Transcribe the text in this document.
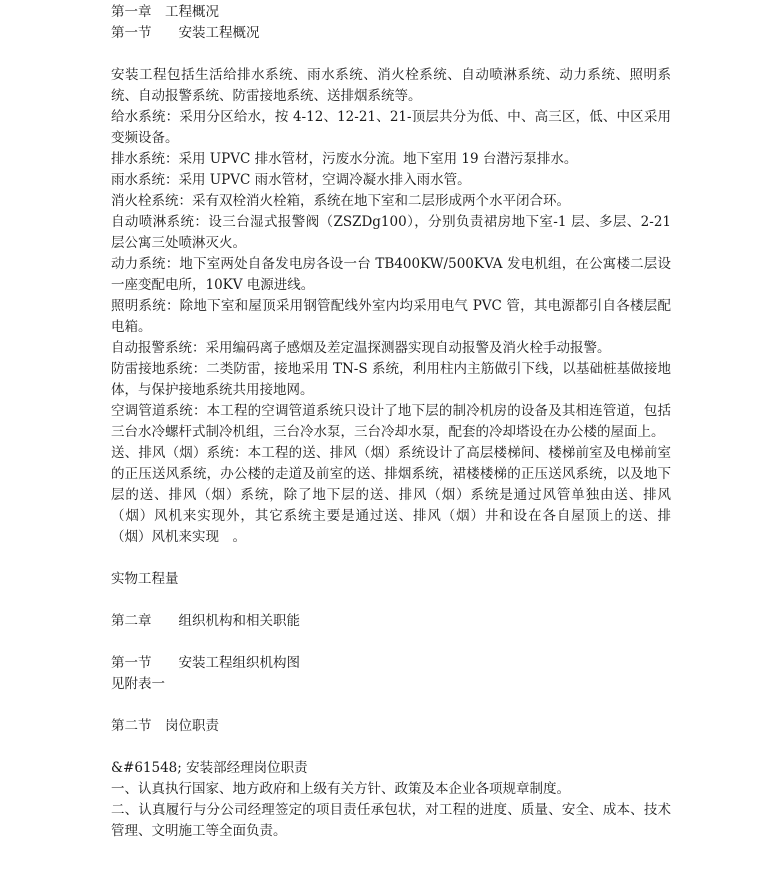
第一章　工程概况

第一节　　安装工程概况

安装工程包括生活给排水系统、雨水系统、消火栓系统、自动喷淋系统、动力系统、照明系统、自动报警系统、防雷接地系统、送排烟系统等。

给水系统：采用分区给水，按 4-12、12-21、21-顶层共分为低、中、高三区，低、中区采用变频设备。

排水系统：采用 UPVC 排水管材，污废水分流。地下室用 19 台潜污泵排水。

雨水系统：采用 UPVC 雨水管材，空调冷凝水排入雨水管。

消火栓系统：采有双栓消火栓箱，系统在地下室和二层形成两个水平闭合环。

自动喷淋系统：设三台湿式报警阀（ZSZDg100），分别负责裙房地下室-1 层、多层、2-21 层公寓三处喷淋灭火。

动力系统：地下室两处自备发电房各设一台 TB400KW/500KVA 发电机组，在公寓楼二层设一座变配电所，10KV 电源进线。

照明系统：除地下室和屋顶采用钢管配线外室内均采用电气 PVC 管，其电源都引自各楼层配电箱。

自动报警系统：采用编码离子感烟及差定温探测器实现自动报警及消火栓手动报警。

防雷接地系统：二类防雷，接地采用 TN-S 系统，利用柱内主筋做引下线，以基础桩基做接地体，与保护接地系统共用接地网。

空调管道系统：本工程的空调管道系统只设计了地下层的制冷机房的设备及其相连管道，包括三台水冷螺杆式制冷机组，三台冷水泵，三台冷却水泵，配套的冷却塔设在办公楼的屋面上。

送、排风（烟）系统：本工程的送、排风（烟）系统设计了高层楼梯间、楼梯前室及电梯前室的正压送风系统，办公楼的走道及前室的送、排烟系统，裙楼楼梯的正压送风系统，以及地下层的送、排风（烟）系统，除了地下层的送、排风（烟）系统是通过风管单独由送、排风（烟）风机来实现外，其它系统主要是通过送、排风（烟）井和设在各自屋顶上的送、排（烟）风机来实现　。

实物工程量

第二章　　组织机构和相关职能

第一节　　安装工程组织机构图

见附表一

第二节　岗位职责

&#61548; 安装部经理岗位职责

一、认真执行国家、地方政府和上级有关方针、政策及本企业各项规章制度。

二、认真履行与分公司经理签定的项目责任承包状，对工程的进度、质量、安全、成本、技术管理、文明施工等全面负责。
